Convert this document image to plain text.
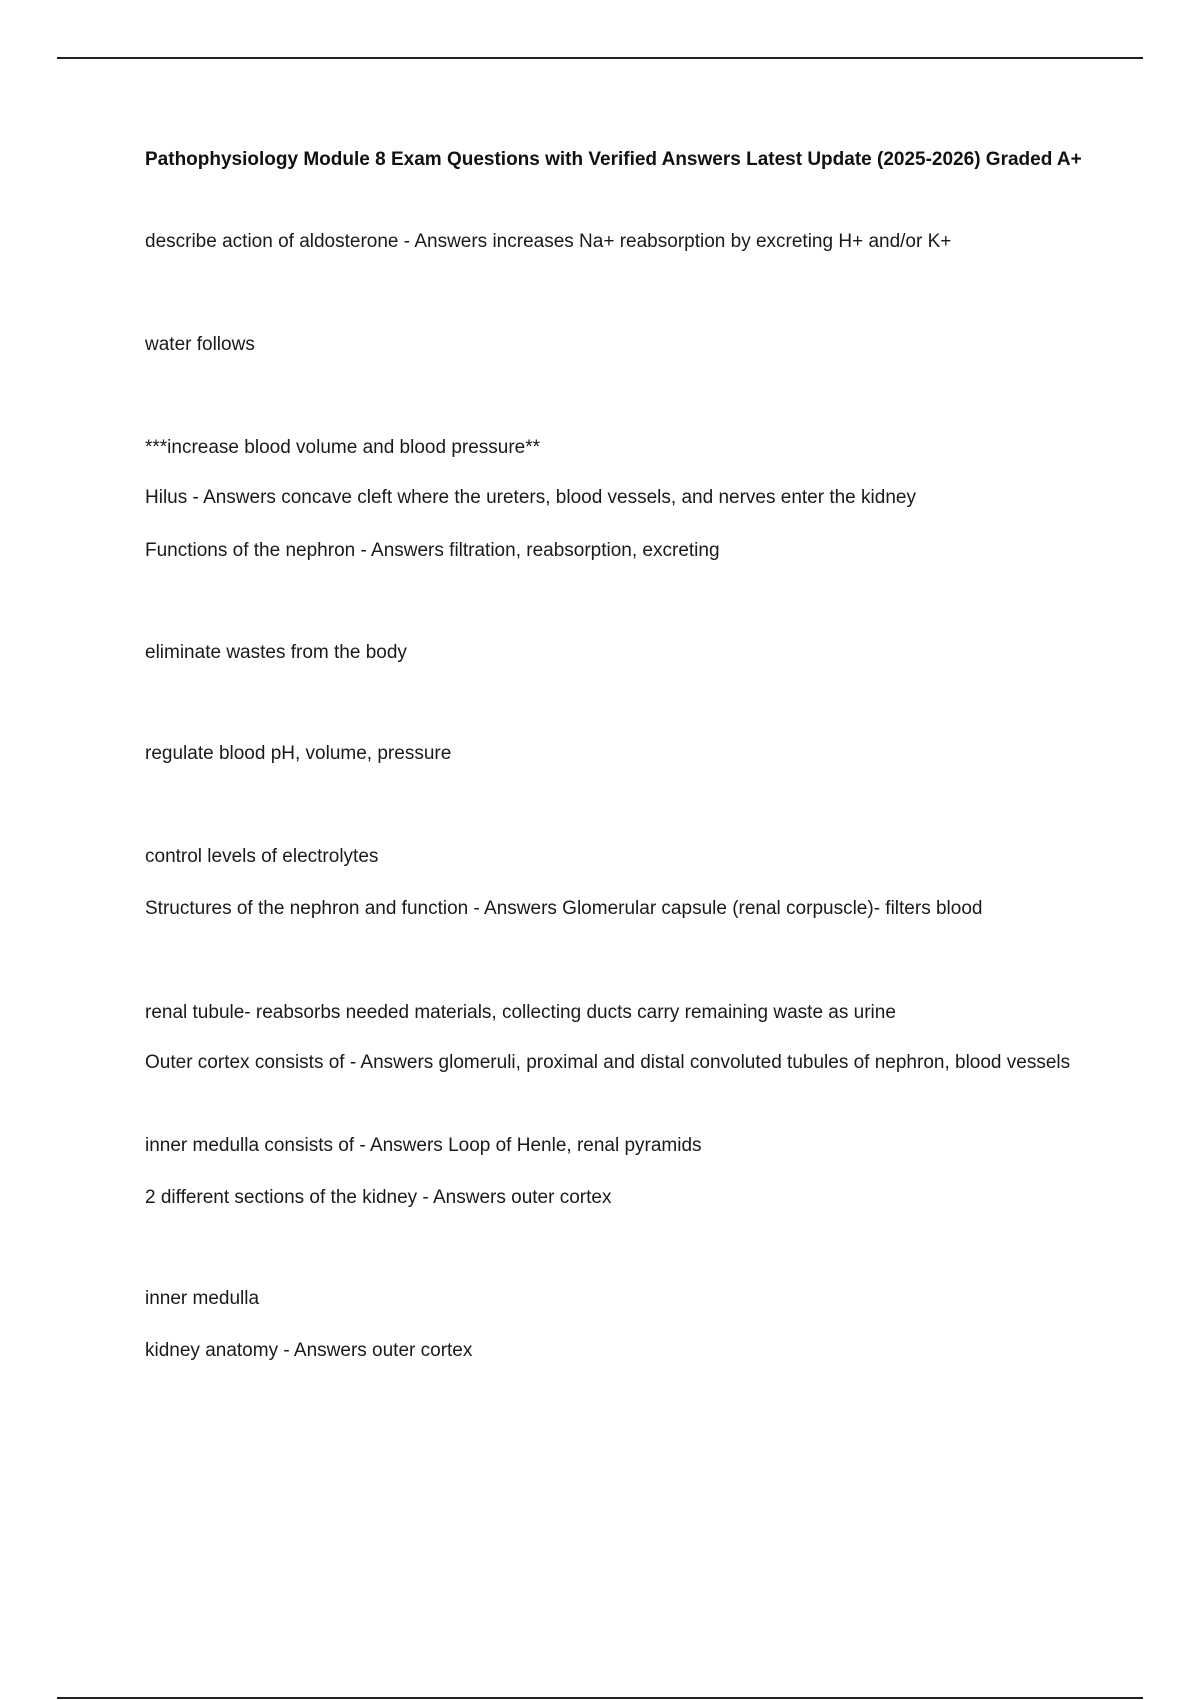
Pathophysiology Module 8 Exam Questions with Verified Answers Latest Update (2025-2026) Graded A+

describe action of aldosterone - Answers increases Na+ reabsorption by excreting H+ and/or K+

water follows

***increase blood volume and blood pressure**

Hilus - Answers concave cleft where the ureters, blood vessels, and nerves enter the kidney

Functions of the nephron - Answers filtration, reabsorption, excreting

eliminate wastes from the body

regulate blood pH, volume, pressure

control levels of electrolytes

Structures of the nephron and function - Answers Glomerular capsule (renal corpuscle)- filters blood

renal tubule- reabsorbs needed materials, collecting ducts carry remaining waste as urine

Outer cortex consists of - Answers glomeruli, proximal and distal convoluted tubules of nephron, blood vessels

inner medulla consists of - Answers Loop of Henle, renal pyramids

2 different sections of the kidney - Answers outer cortex

inner medulla

kidney anatomy - Answers outer cortex
